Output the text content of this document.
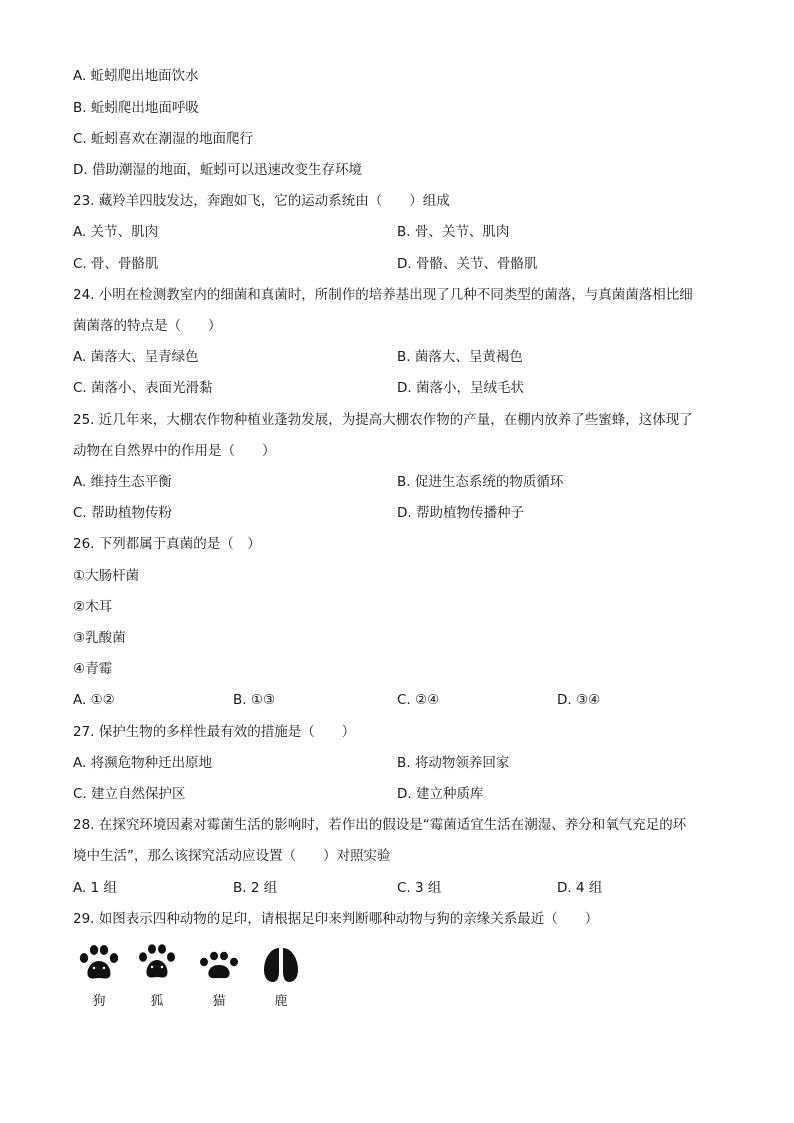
A. 蚯蚓爬出地面饮水
B. 蚯蚓爬出地面呼吸
C. 蚯蚓喜欢在潮湿的地面爬行
D. 借助潮湿的地面，蚯蚓可以迅速改变生存环境
23. 藏羚羊四肢发达，奔跑如飞，它的运动系统由（　　）组成
A. 关节、肌肉	B. 骨、关节、肌肉
C. 骨、骨骼肌	D. 骨骼、关节、骨骼肌
24. 小明在检测教室内的细菌和真菌时，所制作的培养基出现了几种不同类型的菌落，与真菌菌落相比细
菌菌落的特点是（　　）
A. 菌落大、呈青绿色	B. 菌落大、呈黄褐色
C. 菌落小、表面光滑黏	D. 菌落小，呈绒毛状
25. 近几年来，大棚农作物种植业蓬勃发展，为提高大棚农作物的产量，在棚内放养了些蜜蜂，这体现了
动物在自然界中的作用是（　　）
A. 维持生态平衡	B. 促进生态系统的物质循环
C. 帮助植物传粉	D. 帮助植物传播种子
26. 下列都属于真菌的是（　）
①大肠杆菌
②木耳
③乳酸菌
④青霉
A. ①②	B. ①③	C. ②④	D. ③④
27. 保护生物的多样性最有效的措施是（　　）
A. 将濒危物种迁出原地	B. 将动物领养回家
C. 建立自然保护区	D. 建立种质库
28. 在探究环境因素对霉菌生活的影响时，若作出的假设是“霉菌适宜生活在潮湿、养分和氧气充足的环
境中生活”，那么该探究活动应设置（　　）对照实验
A. 1 组	B. 2 组	C. 3 组	D. 4 组
29. 如图表示四种动物的足印，请根据足印来判断哪种动物与狗的亲缘关系最近（　　）
狗	狐	猫	鹿
